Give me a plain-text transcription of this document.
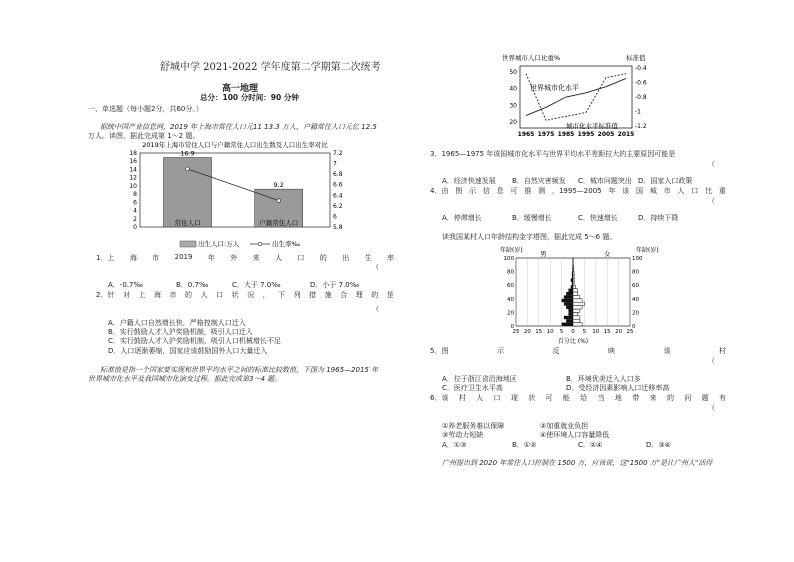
舒城中学 2021-2022 学年度第二学期第二次统考
高一地理
总分：100 分时间：90 分钟
一、单选题（每小题2分，共60分。）
据统中国产业信息网，2019 年上海市常住人口元11 13.3 万人，户籍常住人口元亿 12.5
万人。读图，据此完成第 1～2 题。
2019年上海市常住人口与户籍常住人口出生数及人口出生率对比
0
2
4
6
8
10
12
14
16
18
5.8
6
6.2
6.4
6.6
6.8
7
7.2
16.9
常住人口
9.2
户籍常住人口
出生人口:万人	出生率‰
1．上 海 市 2019 年 外 来 人 口 的 出 生 率
（
A．-0.7‰	B．0.7‰	C．大于 7.0‰	D．小于 7.0‰
2．针 对 上 海 市 的 人 口 状 况 ， 下 列 措 施 合 理 的 是
（
A．户籍人口自然增长快，严格控制人口迁入
B．实行鼓励人才入沪奖励机制，吸引人口迁入
C．实行鼓励人才入沪奖励机制，吸引人口机械增长不足
D．人口逐渐萎缩，国家应该鼓励国外人口大量迁入
标准值是指一个国家要实现和世界平均水平之间的标准比较数值。下图为 1965—2015 年
世界城市化水平及我国城市化演变过程。据此完成第3～4 题。
世界城市人口比重%	标准值
1965 1975 1985 1995 2005 2015
50
40
30
20
-0.4
-0.6
-0.8
-1
-1.2
世界城市化水平
城市化水平标准值
3．1965—1975 年该国城市化水平与世界平均水平差距拉大的主要原因可能是
（
A．经济快速发展 B．自然灾害频发 C．城市问题突出 D．国家人口政策
4．由 图 示 信 息 可 推 测 ，1995—2005 年 该 国 城 市 人 口 比 重
（
A．停滞增长	B．缓慢增长	C．快速增长	D．持续下降
读我国某村人口年龄结构金字塔图，据此完成 5～6 题。
年龄(岁)	年龄(岁)
男	女
25 20 15 10 5 0 5 10 15 20 25
100	100
80	80
60	60
40	40
20	20
0	0
百分比 (%)
5．图	示	反	映	该	村
（
A．位于浙江省沿海地区	B．环境优美迁入人口多
C．医疗卫生水平高	D．受经济因素影响人口迁移率高
6．该 村 人 口 现 状 可 能 给 当 地 带 来 的 问 题 有
（
①养老服务难以保障	②加重就业负担
③劳动力短缺	④使环境人口容量降低
A．①③	B．①②	C．②④	D．③④
广州提出到 2020 年常住人口控制在 1500 万，应该说，这"1500 万"是让广州人"活得
